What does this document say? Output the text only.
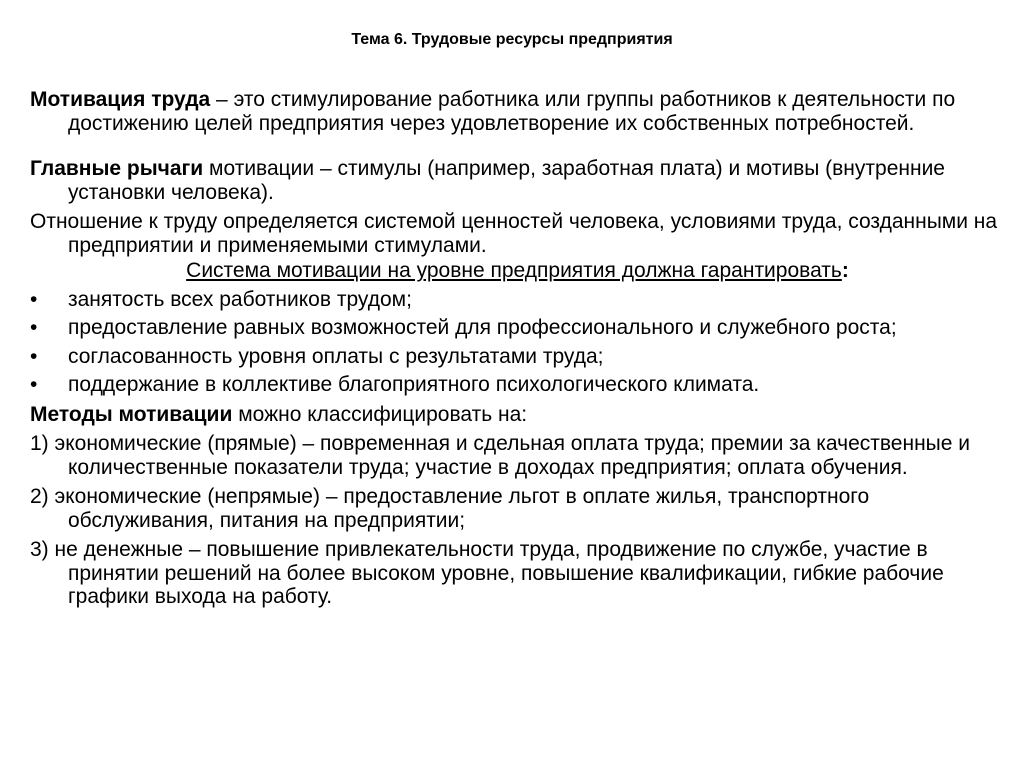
Тема 6. Трудовые ресурсы предприятия

Мотивация труда – это стимулирование работника или группы работников к деятельности по достижению целей предприятия через удовлетворение их собственных потребностей.

Главные рычаги мотивации – стимулы (например, заработная плата) и мотивы (внутренние установки человека).

Отношение к труду определяется системой ценностей человека, условиями труда, созданными на предприятии и применяемыми стимулами.

Система мотивации на уровне предприятия должна гарантировать:

•	занятость всех работников трудом;
•	предоставление равных возможностей для профессионального и служебного роста;
•	согласованность уровня оплаты с результатами труда;
•	поддержание в коллективе благоприятного психологического климата.

Методы мотивации можно классифицировать на:

1) экономические (прямые) – повременная и сдельная оплата труда; премии за качественные и количественные показатели труда; участие в доходах предприятия; оплата обучения.

2) экономические (непрямые) – предоставление льгот в оплате жилья, транспортного обслуживания, питания на предприятии;

3) не денежные – повышение привлекательности труда, продвижение по службе, участие в принятии решений на более высоком уровне, повышение квалификации, гибкие рабочие графики выхода на работу.
